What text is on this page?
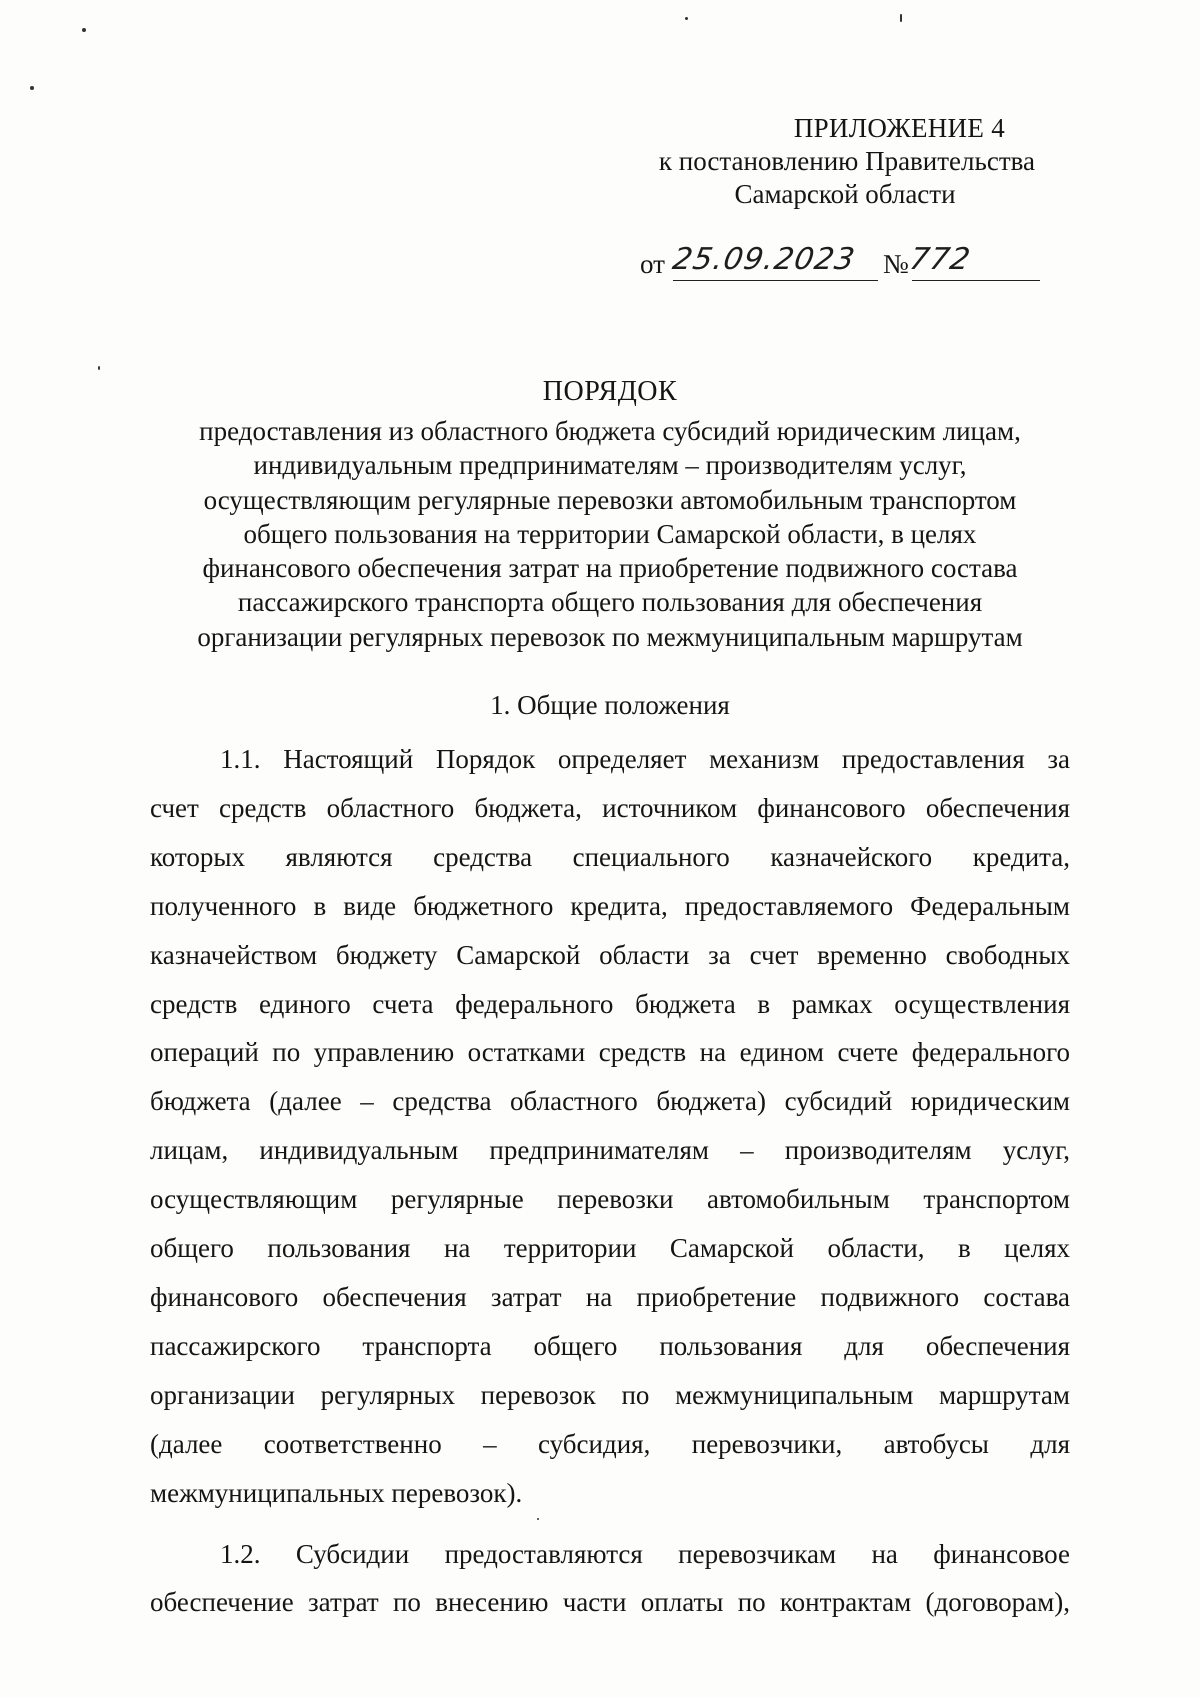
ПРИЛОЖЕНИЕ 4
к постановлению Правительства
Самарской области
от 25.09.2023 №
772
ПОРЯДОК
предоставления из областного бюджета субсидий юридическим лицам,
индивидуальным предпринимателям – производителям услуг,
осуществляющим регулярные перевозки автомобильным транспортом
общего пользования на территории Самарской области, в целях
финансового обеспечения затрат на приобретение подвижного состава
пассажирского транспорта общего пользования для обеспечения
организации регулярных перевозок по межмуниципальным маршрутам
1. Общие положения
1.1. Настоящий Порядок определяет механизм предоставления за
счет средств областного бюджета, источником финансового обеспечения
которых являются средства специального казначейского кредита,
полученного в виде бюджетного кредита, предоставляемого Федеральным
казначейством бюджету Самарской области за счет временно свободных
средств единого счета федерального бюджета в рамках осуществления
операций по управлению остатками средств на едином счете федерального
бюджета (далее – средства областного бюджета) субсидий юридическим
лицам, индивидуальным предпринимателям – производителям услуг,
осуществляющим регулярные перевозки автомобильным транспортом
общего пользования на территории Самарской области, в целях
финансового обеспечения затрат на приобретение подвижного состава
пассажирского транспорта общего пользования для обеспечения
организации регулярных перевозок по межмуниципальным маршрутам
(далее соответственно – субсидия, перевозчики, автобусы для
межмуниципальных перевозок).
1.2. Субсидии предоставляются перевозчикам на финансовое
обеспечение затрат по внесению части оплаты по контрактам (договорам),
